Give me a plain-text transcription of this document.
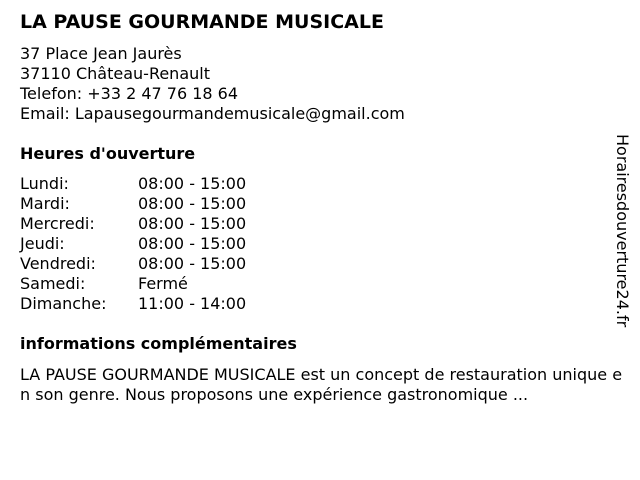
LA PAUSE GOURMANDE MUSICALE
37 Place Jean Jaurès
37110 Château-Renault
Telefon: +33 2 47 76 18 64
Email: Lapausegourmandemusicale@gmail.com
Heures d'ouverture
Lundi:	08:00 - 15:00
Mardi:	08:00 - 15:00
Mercredi:	08:00 - 15:00
Jeudi:	08:00 - 15:00
Vendredi:	08:00 - 15:00
Samedi:	Fermé
Dimanche: 11:00 - 14:00
informations complémentaires
LA PAUSE GOURMANDE MUSICALE est un concept de restauration unique en son genre. Nous proposons une expérience gastronomique ...
Horairesdouverture24.fr
